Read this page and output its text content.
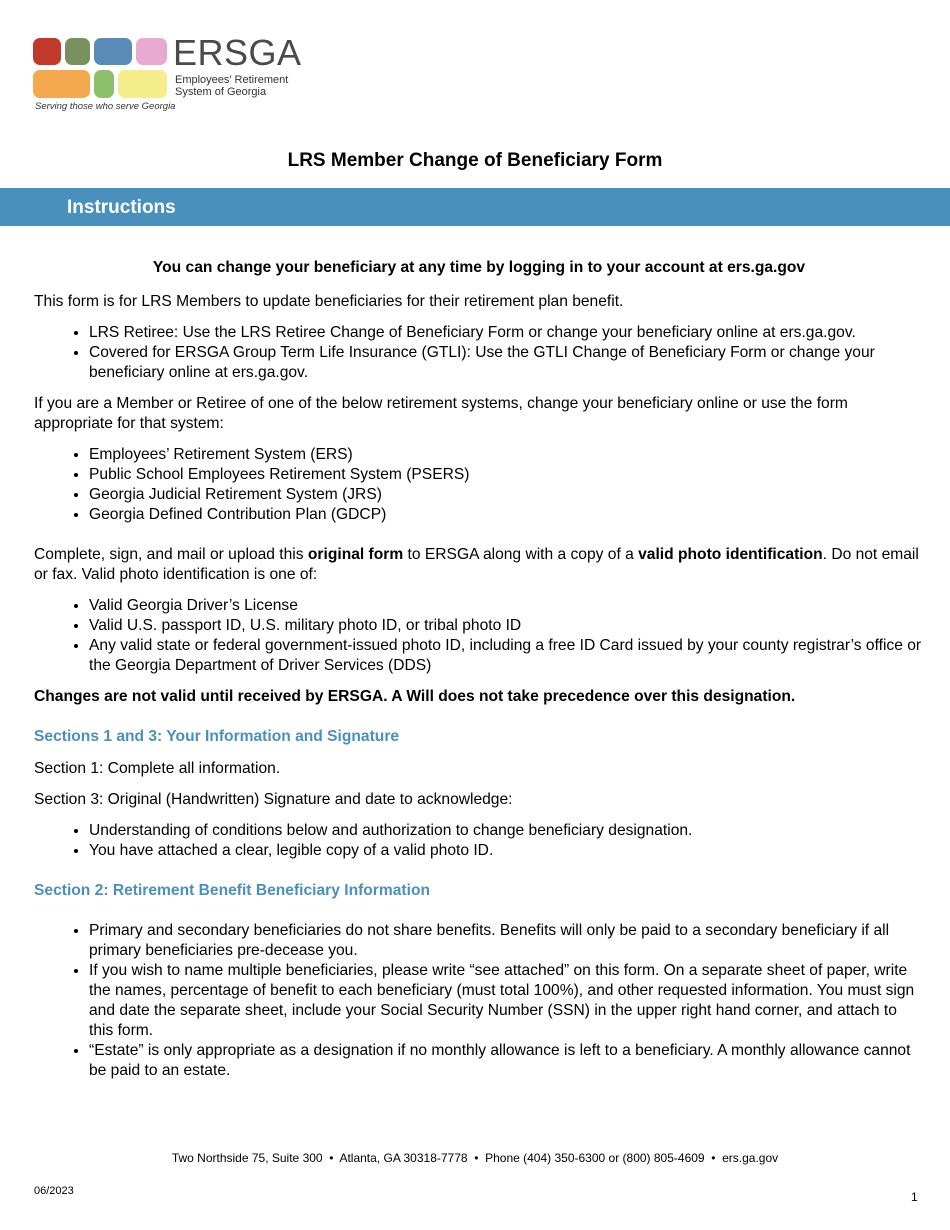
ERSGA
Employees’ Retirement
System of Georgia
Serving those who serve Georgia
LRS Member Change of Beneficiary Form
Instructions

You can change your beneficiary at any time by logging in to your account at ers.ga.gov

This form is for LRS Members to update beneficiaries for their retirement plan benefit.

• LRS Retiree: Use the LRS Retiree Change of Beneficiary Form or change your beneficiary online at ers.ga.gov.
• Covered for ERSGA Group Term Life Insurance (GTLI): Use the GTLI Change of Beneficiary Form or change your beneficiary online at ers.ga.gov.

If you are a Member or Retiree of one of the below retirement systems, change your beneficiary online or use the form appropriate for that system:

• Employees’ Retirement System (ERS)
• Public School Employees Retirement System (PSERS)
• Georgia Judicial Retirement System (JRS)
• Georgia Defined Contribution Plan (GDCP)

Complete, sign, and mail or upload this original form to ERSGA along with a copy of a valid photo identification. Do not email or fax. Valid photo identification is one of:

• Valid Georgia Driver’s License
• Valid U.S. passport ID, U.S. military photo ID, or tribal photo ID
• Any valid state or federal government-issued photo ID, including a free ID Card issued by your county registrar’s office or the Georgia Department of Driver Services (DDS)

Changes are not valid until received by ERSGA. A Will does not take precedence over this designation.

Sections 1 and 3: Your Information and Signature

Section 1: Complete all information.

Section 3: Original (Handwritten) Signature and date to acknowledge:

• Understanding of conditions below and authorization to change beneficiary designation.
• You have attached a clear, legible copy of a valid photo ID.

Section 2: Retirement Benefit Beneficiary Information

• Primary and secondary beneficiaries do not share benefits. Benefits will only be paid to a secondary beneficiary if all primary beneficiaries pre-decease you.
• If you wish to name multiple beneficiaries, please write “see attached” on this form. On a separate sheet of paper, write the names, percentage of benefit to each beneficiary (must total 100%), and other requested information. You must sign and date the separate sheet, include your Social Security Number (SSN) in the upper right hand corner, and attach to this form.
• “Estate” is only appropriate as a designation if no monthly allowance is left to a beneficiary. A monthly allowance cannot be paid to an estate.
Two Northside 75, Suite 300  •  Atlanta, GA 30318-7778  •  Phone (404) 350-6300 or (800) 805-4609  •  ers.ga.gov
06/2023	1
